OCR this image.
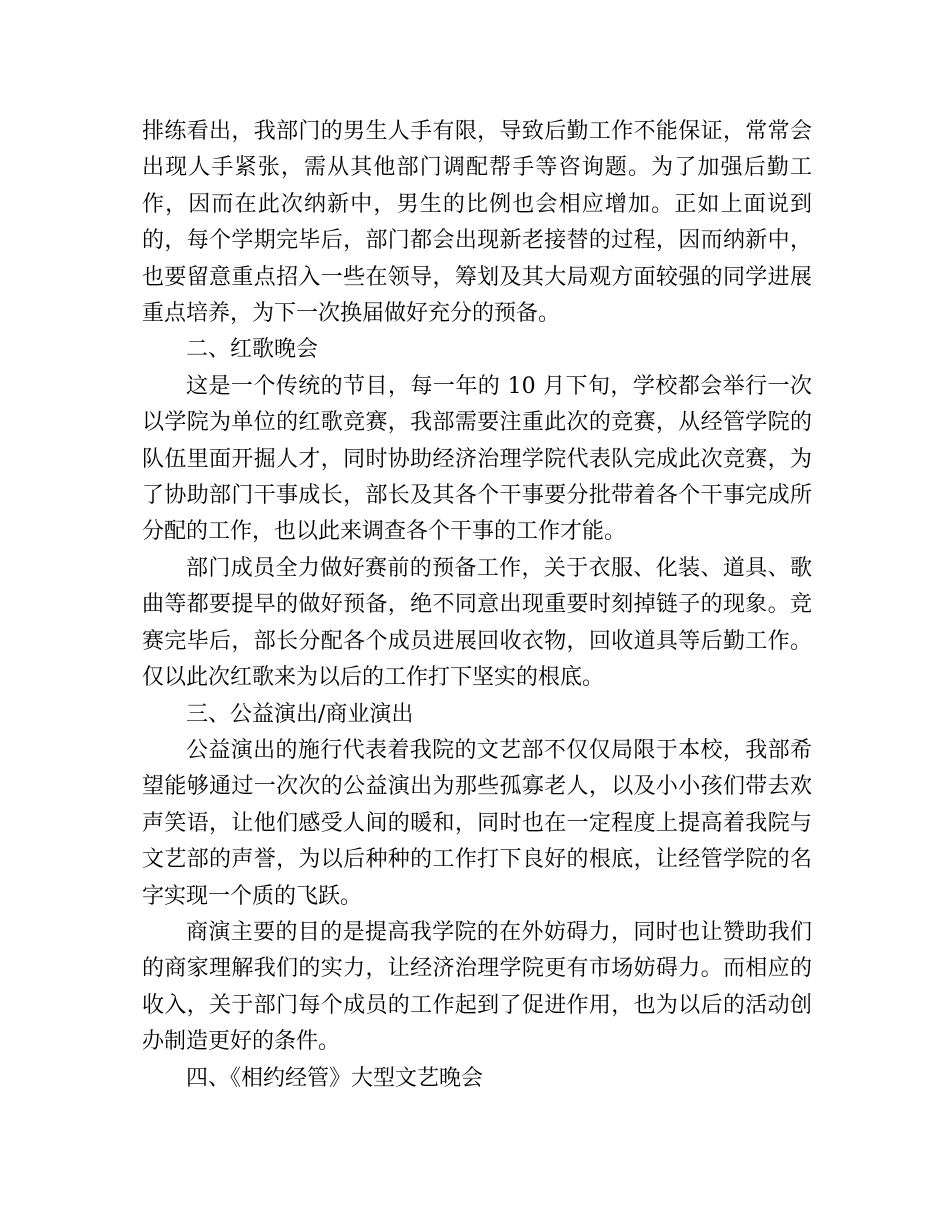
排练看出，我部门的男生人手有限，导致后勤工作不能保证，常常会出现人手紧张，需从其他部门调配帮手等咨询题。为了加强后勤工作，因而在此次纳新中，男生的比例也会相应增加。正如上面说到的，每个学期完毕后，部门都会出现新老接替的过程，因而纳新中，也要留意重点招入一些在领导，筹划及其大局观方面较强的同学进展重点培养，为下一次换届做好充分的预备。

二、红歌晚会

这是一个传统的节目，每一年的 10 月下旬，学校都会举行一次以学院为单位的红歌竞赛，我部需要注重此次的竞赛，从经管学院的队伍里面开掘人才，同时协助经济治理学院代表队完成此次竞赛，为了协助部门干事成长，部长及其各个干事要分批带着各个干事完成所分配的工作，也以此来调查各个干事的工作才能。

部门成员全力做好赛前的预备工作，关于衣服、化装、道具、歌曲等都要提早的做好预备，绝不同意出现重要时刻掉链子的现象。竞赛完毕后，部长分配各个成员进展回收衣物，回收道具等后勤工作。仅以此次红歌来为以后的工作打下坚实的根底。

三、公益演出/商业演出

公益演出的施行代表着我院的文艺部不仅仅局限于本校，我部希望能够通过一次次的公益演出为那些孤寡老人，以及小小孩们带去欢声笑语，让他们感受人间的暖和，同时也在一定程度上提高着我院与文艺部的声誉，为以后种种的工作打下良好的根底，让经管学院的名字实现一个质的飞跃。

商演主要的目的是提高我学院的在外妨碍力，同时也让赞助我们的商家理解我们的实力，让经济治理学院更有市场妨碍力。而相应的收入，关于部门每个成员的工作起到了促进作用，也为以后的活动创办制造更好的条件。

四、《相约经管》大型文艺晚会
